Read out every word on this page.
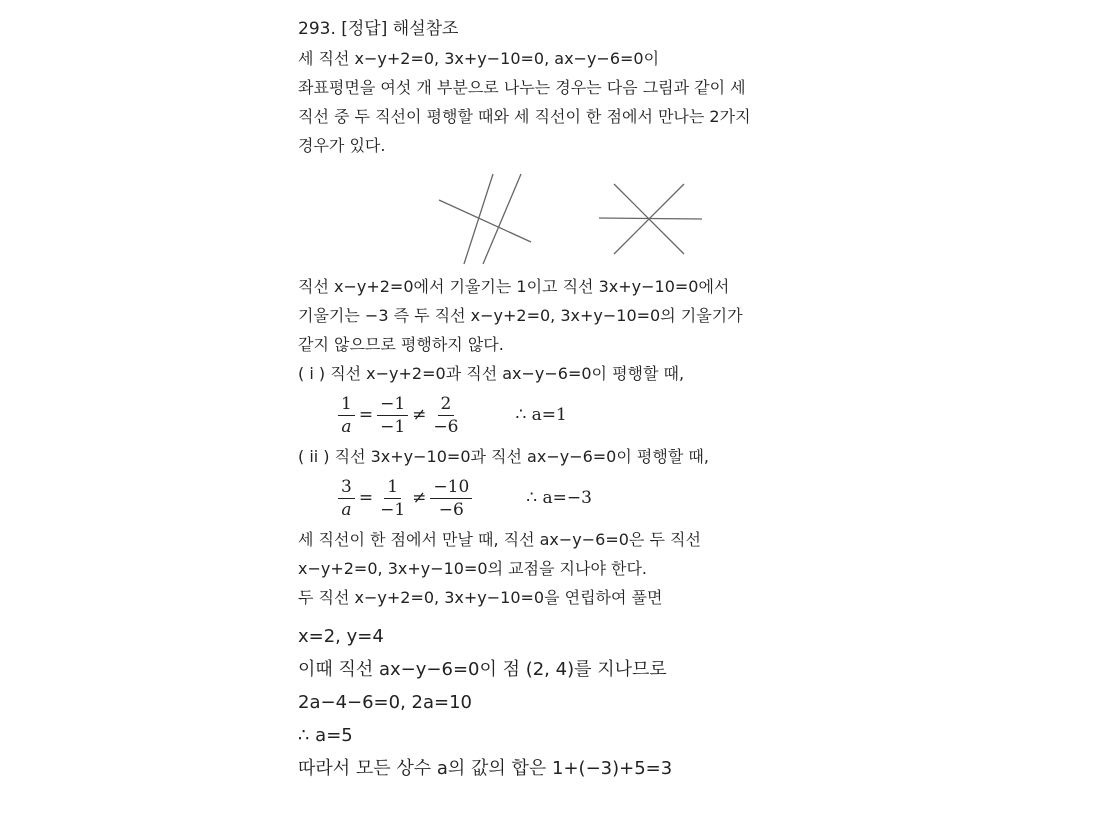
293. [정답] 해설참조
세 직선 x−y+2=0, 3x+y−10=0, ax−y−6=0이
좌표평면을 여섯 개 부분으로 나누는 경우는 다음 그림과 같이 세
직선 중 두 직선이 평행할 때와 세 직선이 한 점에서 만나는 2가지
경우가 있다.
직선 x−y+2=0에서 기울기는 1이고 직선 3x+y−10=0에서
기울기는 −3 즉 두 직선 x−y+2=0, 3x+y−10=0의 기울기가
같지 않으므로 평행하지 않다.
( i ) 직선 x−y+2=0과 직선 ax−y−6=0이 평행할 때,
$\frac{1}{a} = \frac{-1}{-1} \ne \frac{2}{-6}$	∴ a=1
( ii ) 직선 3x+y−10=0과 직선 ax−y−6=0이 평행할 때,
$\frac{3}{a} = \frac{1}{-1} \ne \frac{-10}{-6}$	∴ a=−3
세 직선이 한 점에서 만날 때, 직선 ax−y−6=0은 두 직선
x−y+2=0, 3x+y−10=0의 교점을 지나야 한다.
두 직선 x−y+2=0, 3x+y−10=0을 연립하여 풀면
x=2, y=4
이때 직선 ax−y−6=0이 점 (2, 4)를 지나므로
2a−4−6=0, 2a=10
∴ a=5
따라서 모든 상수 a의 값의 합은 1+(−3)+5=3
